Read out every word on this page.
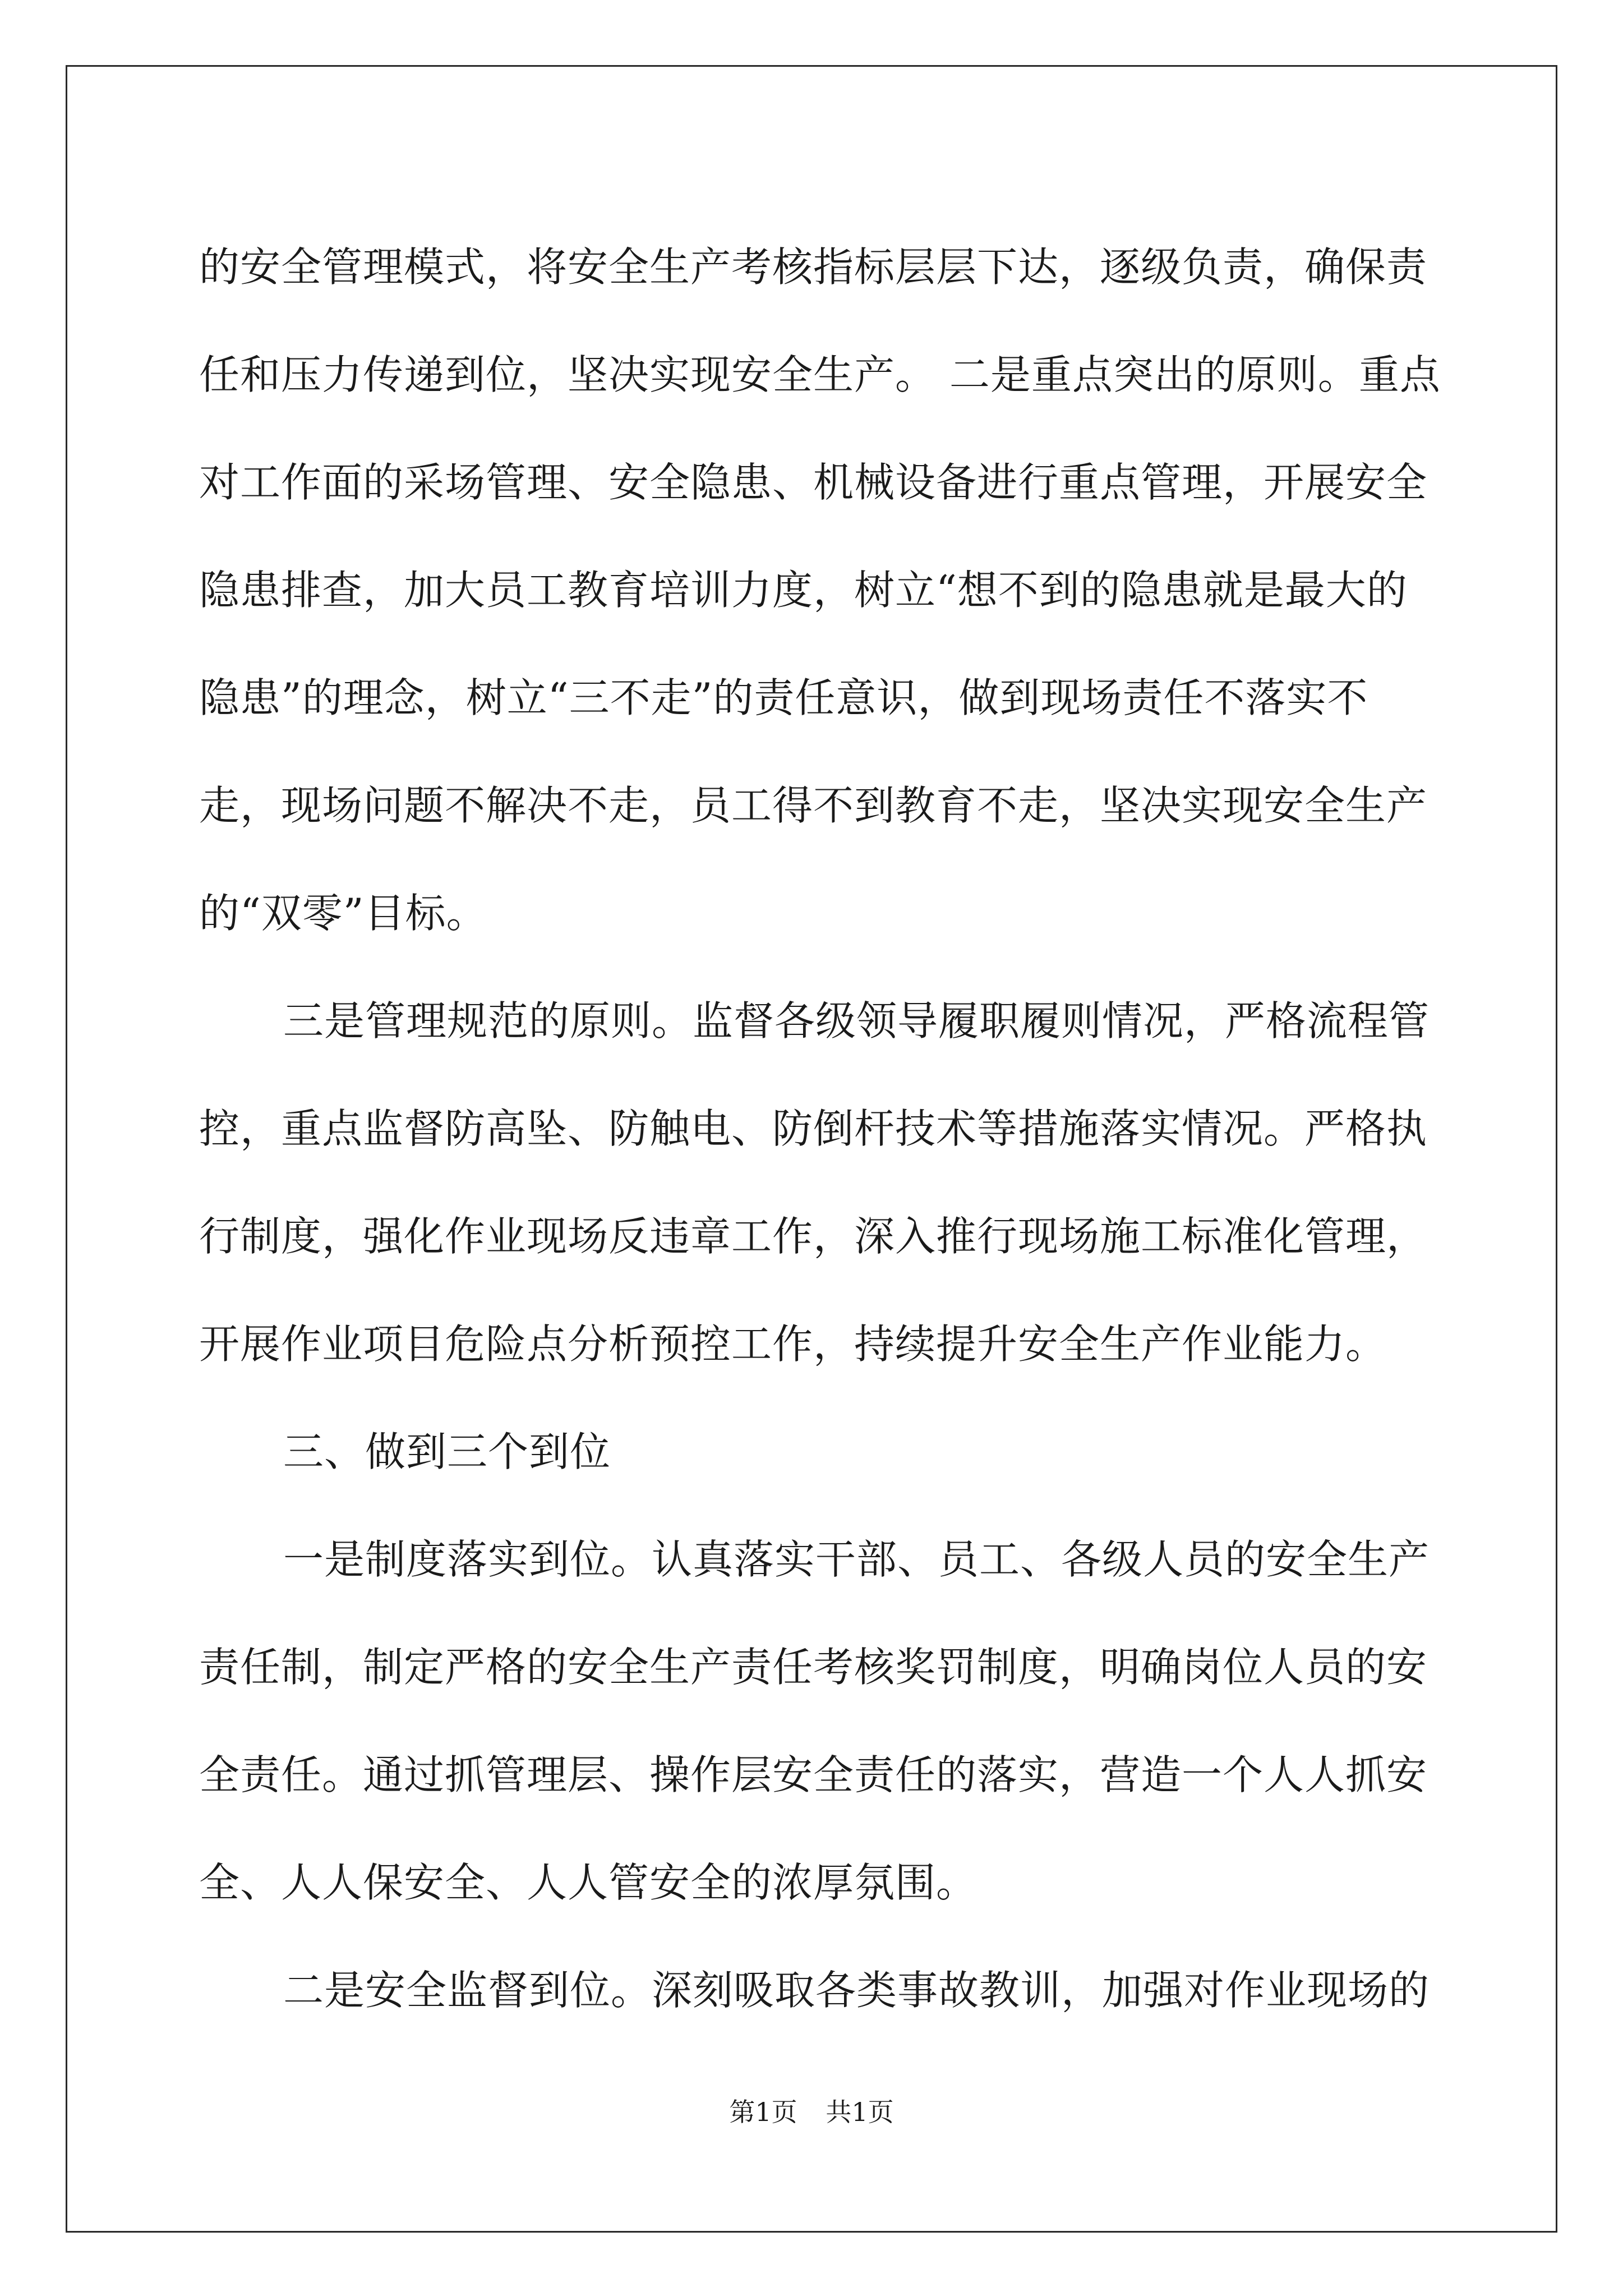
的安全管理模式，将安全生产考核指标层层下达，逐级负责，确保责
任和压力传递到位，坚决实现安全生产。 二是重点突出的原则。重点
对工作面的采场管理、安全隐患、机械设备进行重点管理，开展安全
隐患排查，加大员工教育培训力度，树立“想不到的隐患就是最大的
隐患”的理念，树立“三不走”的责任意识，做到现场责任不落实不
走，现场问题不解决不走，员工得不到教育不走，坚决实现安全生产
的“双零”目标。
三是管理规范的原则。监督各级领导履职履则情况，严格流程管
控，重点监督防高坠、防触电、防倒杆技术等措施落实情况。严格执
行制度，强化作业现场反违章工作，深入推行现场施工标准化管理，
开展作业项目危险点分析预控工作，持续提升安全生产作业能力。
三、做到三个到位
一是制度落实到位。认真落实干部、员工、各级人员的安全生产
责任制，制定严格的安全生产责任考核奖罚制度，明确岗位人员的安
全责任。通过抓管理层、操作层安全责任的落实，营造一个人人抓安
全、人人保安全、人人管安全的浓厚氛围。
二是安全监督到位。深刻吸取各类事故教训，加强对作业现场的
第1页 共1页
